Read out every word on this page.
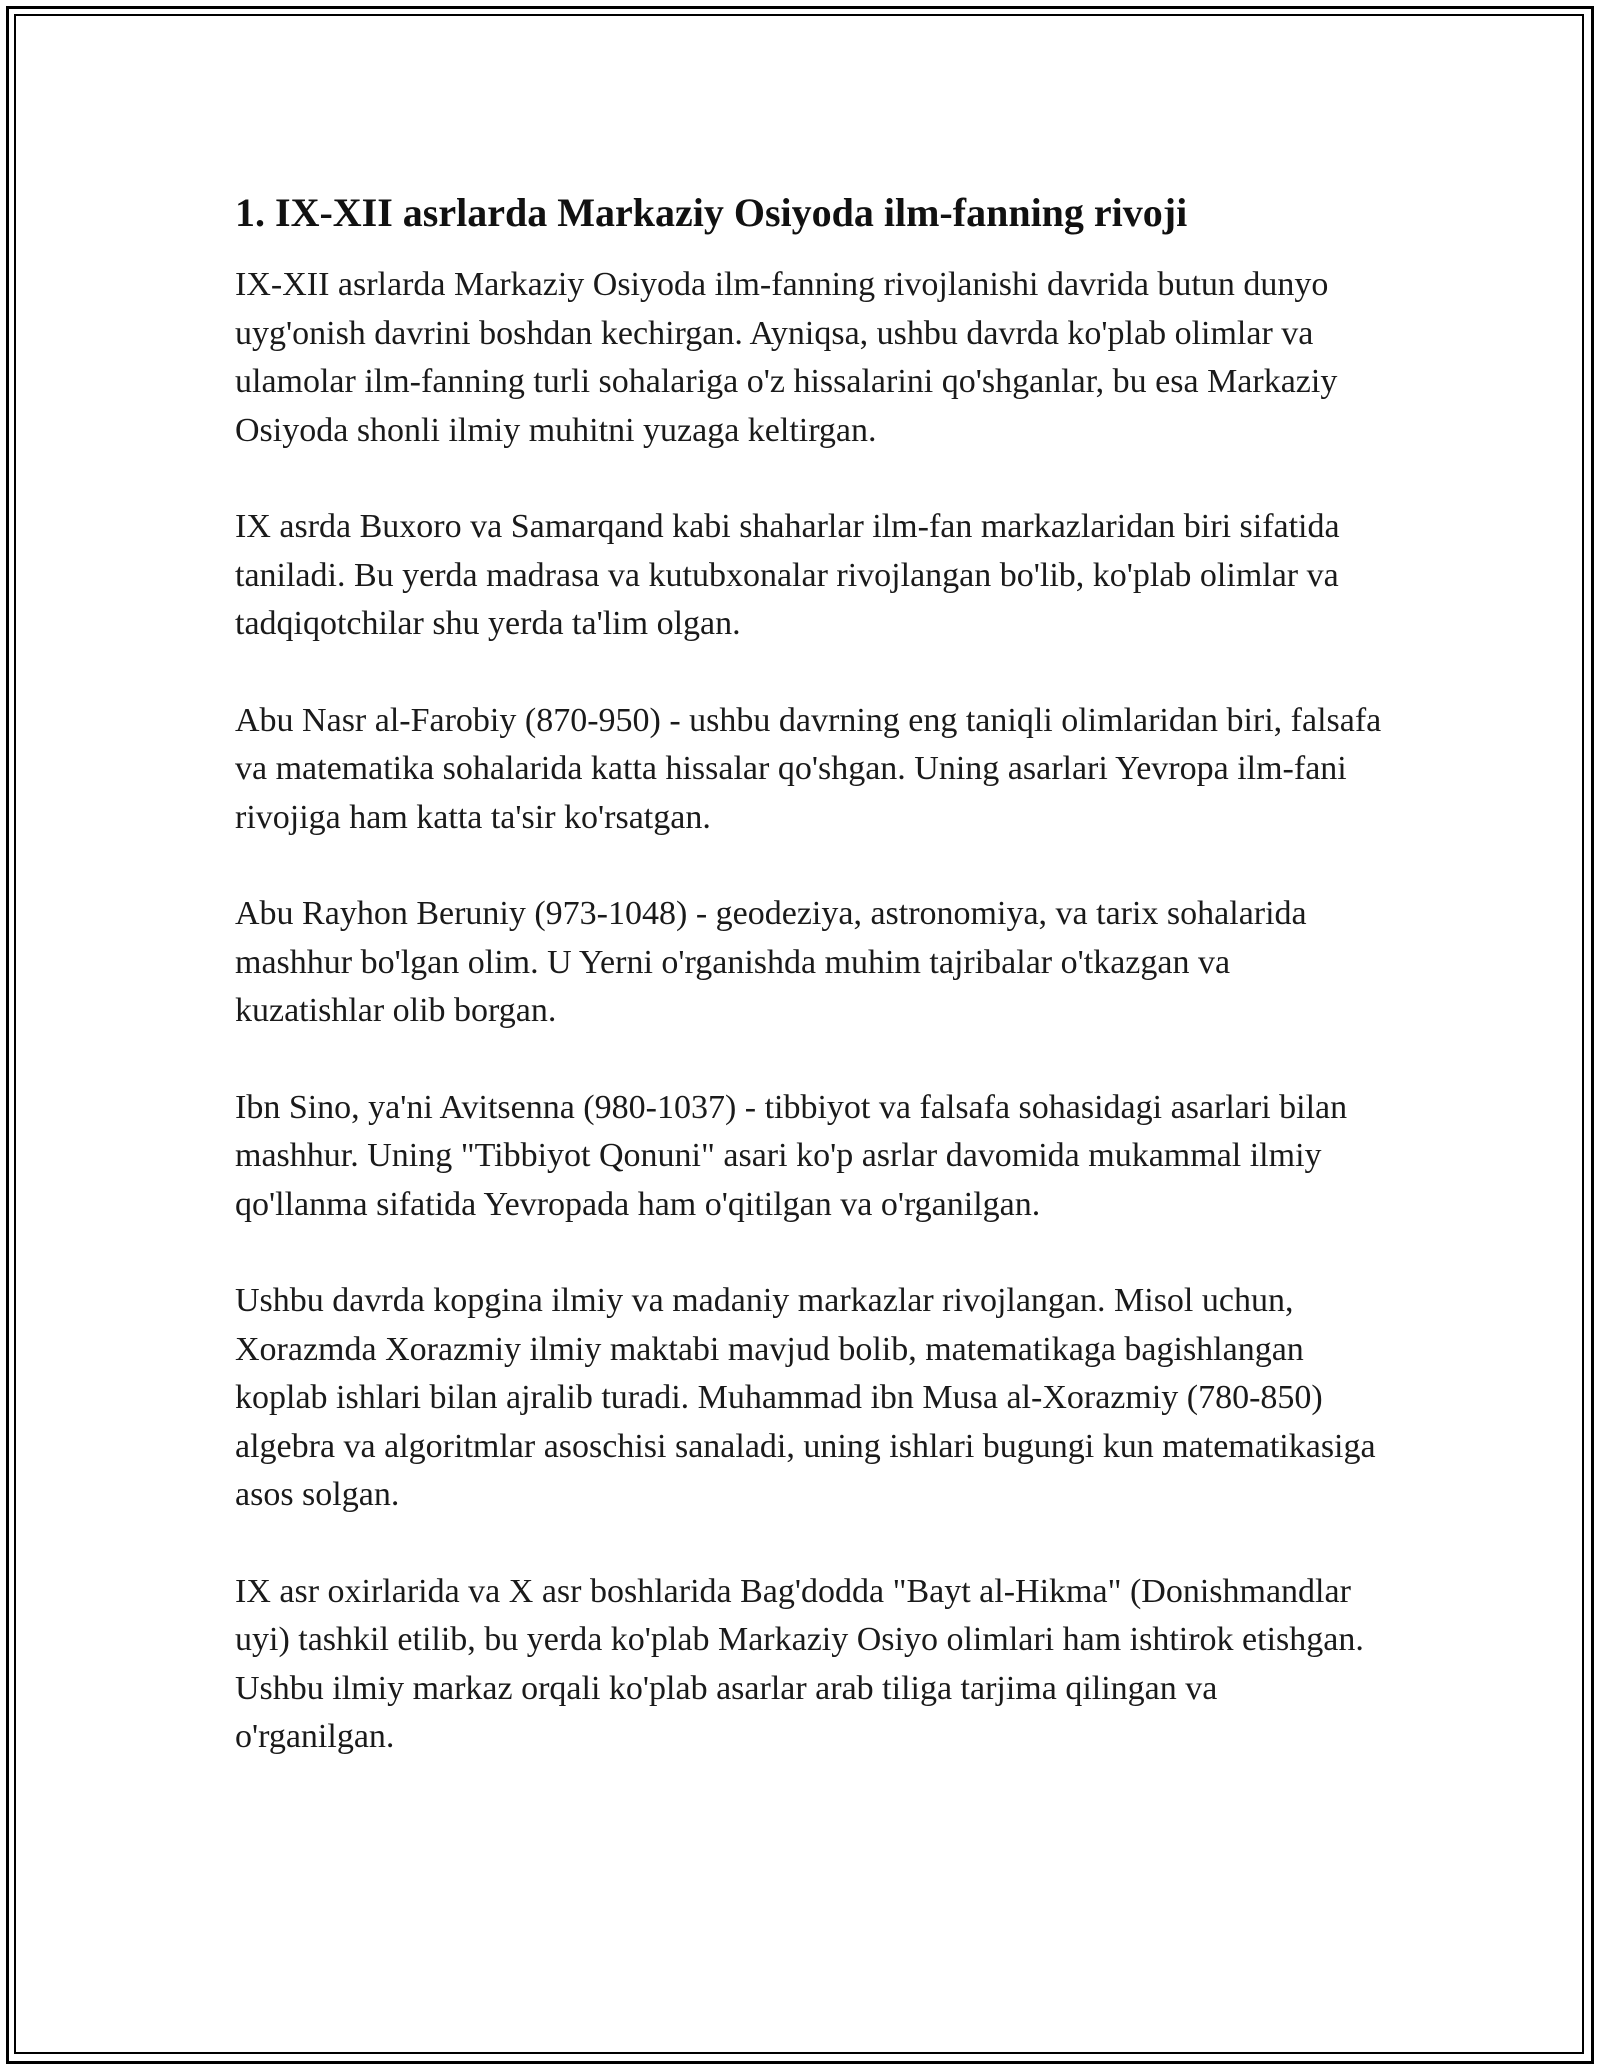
1. IX-XII asrlarda Markaziy Osiyoda ilm-fanning rivoji

IX-XII asrlarda Markaziy Osiyoda ilm-fanning rivojlanishi davrida butun dunyo uyg'onish davrini boshdan kechirgan. Ayniqsa, ushbu davrda ko'plab olimlar va ulamolar ilm-fanning turli sohalariga o'z hissalarini qo'shganlar, bu esa Markaziy Osiyoda shonli ilmiy muhitni yuzaga keltirgan.

IX asrda Buxoro va Samarqand kabi shaharlar ilm-fan markazlaridan biri sifatida taniladi. Bu yerda madrasa va kutubxonalar rivojlangan bo'lib, ko'plab olimlar va tadqiqotchilar shu yerda ta'lim olgan.

Abu Nasr al-Farobiy (870-950) - ushbu davrning eng taniqli olimlaridan biri, falsafa va matematika sohalarida katta hissalar qo'shgan. Uning asarlari Yevropa ilm-fani rivojiga ham katta ta'sir ko'rsatgan.

Abu Rayhon Beruniy (973-1048) - geodeziya, astronomiya, va tarix sohalarida mashhur bo'lgan olim. U Yerni o'rganishda muhim tajribalar o'tkazgan va kuzatishlar olib borgan.

Ibn Sino, ya'ni Avitsenna (980-1037) - tibbiyot va falsafa sohasidagi asarlari bilan mashhur. Uning "Tibbiyot Qonuni" asari ko'p asrlar davomida mukammal ilmiy qo'llanma sifatida Yevropada ham o'qitilgan va o'rganilgan.

Ushbu davrda kopgina ilmiy va madaniy markazlar rivojlangan. Misol uchun, Xorazmda Xorazmiy ilmiy maktabi mavjud bolib, matematikaga bagishlangan koplab ishlari bilan ajralib turadi. Muhammad ibn Musa al-Xorazmiy (780-850) algebra va algoritmlar asoschisi sanaladi, uning ishlari bugungi kun matematikasiga asos solgan.

IX asr oxirlarida va X asr boshlarida Bag'dodda "Bayt al-Hikma" (Donishmandlar uyi) tashkil etilib, bu yerda ko'plab Markaziy Osiyo olimlari ham ishtirok etishgan. Ushbu ilmiy markaz orqali ko'plab asarlar arab tiliga tarjima qilingan va o'rganilgan.
